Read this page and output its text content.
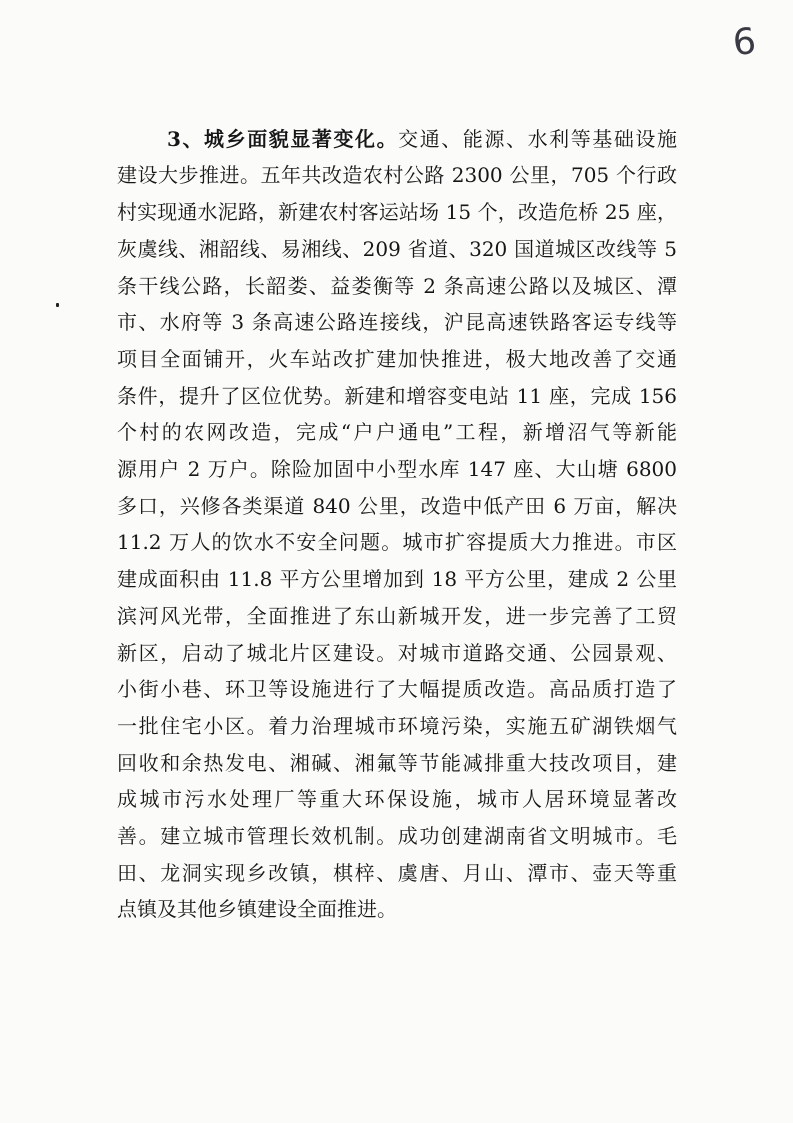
6
3、城乡面貌显著变化。交通、能源、水利等基础设施
建设大步推进。五年共改造农村公路 2300 公里，705 个行政
村实现通水泥路，新建农村客运站场 15 个，改造危桥 25 座，
灰虞线、湘韶线、易湘线、209 省道、320 国道城区改线等 5
条干线公路，长韶娄、益娄衡等 2 条高速公路以及城区、潭
市、水府等 3 条高速公路连接线，沪昆高速铁路客运专线等
项目全面铺开，火车站改扩建加快推进，极大地改善了交通
条件，提升了区位优势。新建和增容变电站 11 座，完成 156
个村的农网改造，完成“户户通电”工程，新增沼气等新能
源用户 2 万户。除险加固中小型水库 147 座、大山塘 6800
多口，兴修各类渠道 840 公里，改造中低产田 6 万亩，解决
11.2 万人的饮水不安全问题。城市扩容提质大力推进。市区
建成面积由 11.8 平方公里增加到 18 平方公里，建成 2 公里
滨河风光带，全面推进了东山新城开发，进一步完善了工贸
新区，启动了城北片区建设。对城市道路交通、公园景观、
小街小巷、环卫等设施进行了大幅提质改造。高品质打造了
一批住宅小区。着力治理城市环境污染，实施五矿湖铁烟气
回收和余热发电、湘碱、湘氟等节能减排重大技改项目，建
成城市污水处理厂等重大环保设施，城市人居环境显著改
善。建立城市管理长效机制。成功创建湖南省文明城市。毛
田、龙洞实现乡改镇，棋梓、虞唐、月山、潭市、壶天等重
点镇及其他乡镇建设全面推进。
